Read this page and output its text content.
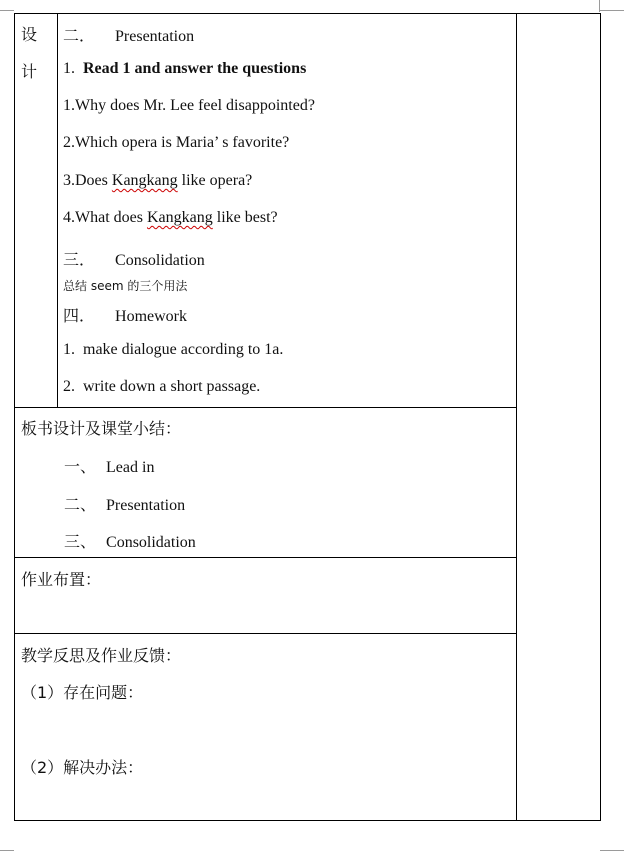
设
计
二． Presentation
1. Read 1 and answer the questions
1.Why does Mr. Lee feel disappointed?
2.Which opera is Maria’ s favorite?
3.Does Kangkang like opera?
4.What does Kangkang like best?
三． Consolidation
总结 seem 的三个用法
四． Homework
1. make dialogue according to 1a.
2. write down a short passage.
板书设计及课堂小结：
一、 Lead in
二、 Presentation
三、 Consolidation
作业布置：
教学反思及作业反馈：
（1）存在问题：
（2）解决办法：
